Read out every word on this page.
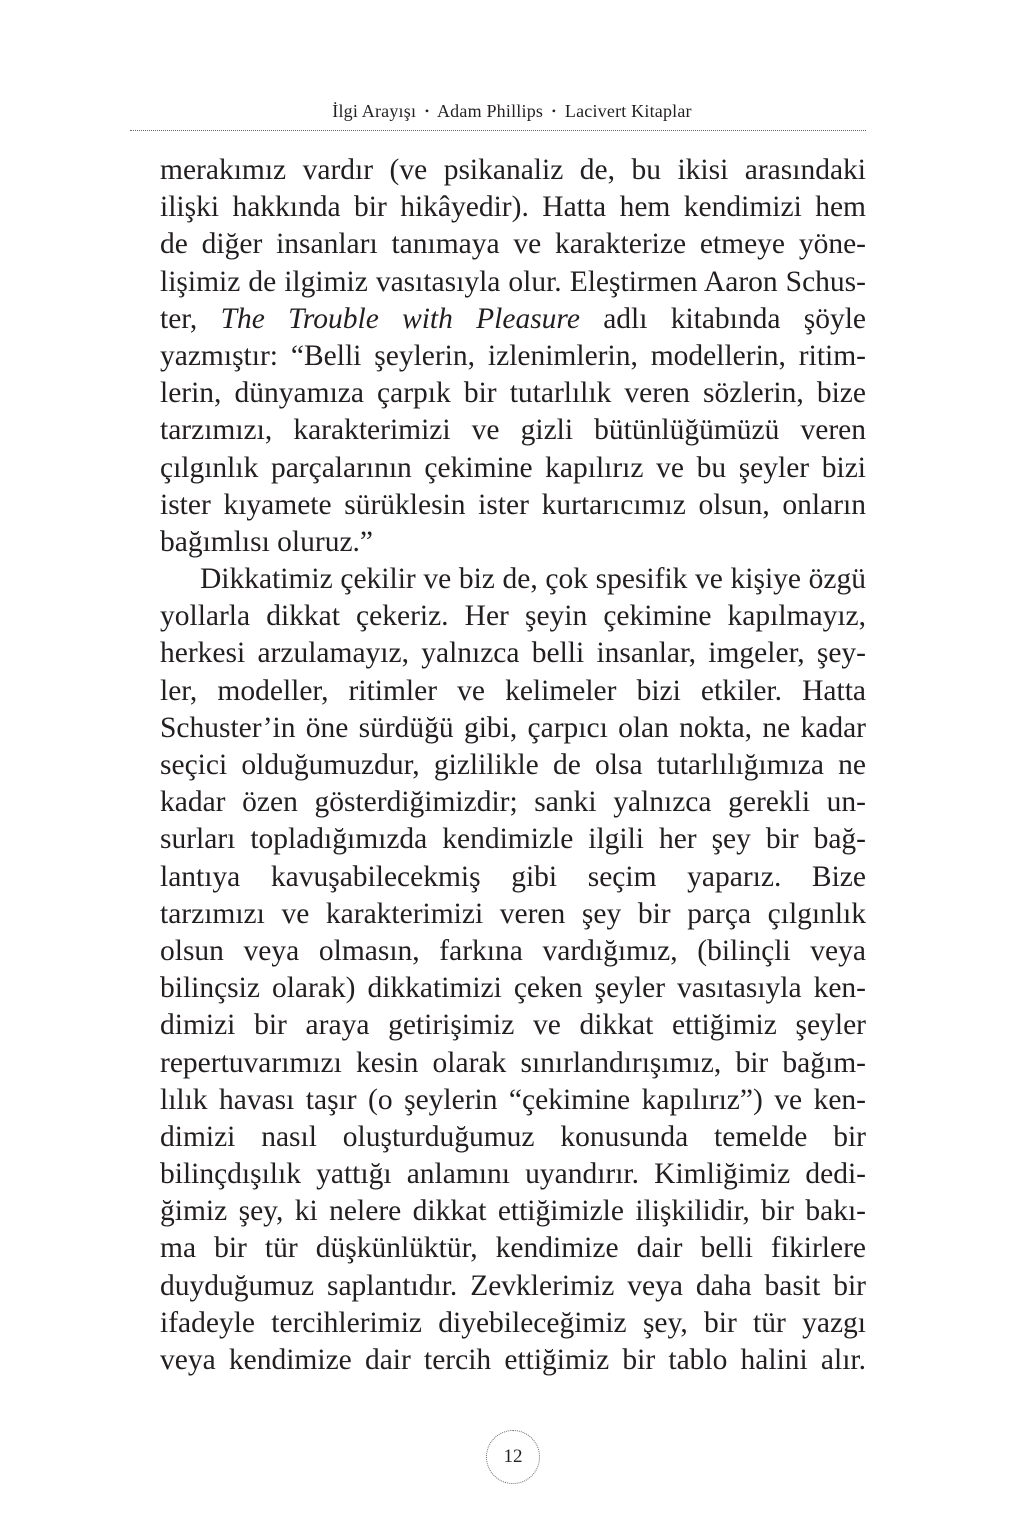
İlgi Arayışı • Adam Phillips • Lacivert Kitaplar
merakımız vardır (ve psikanaliz de, bu ikisi arasındaki
ilişki hakkında bir hikâyedir). Hatta hem kendimizi hem
de diğer insanları tanımaya ve karakterize etmeye yöne-
lişimiz de ilgimiz vasıtasıyla olur. Eleştirmen Aaron Schus-
ter, The Trouble with Pleasure adlı kitabında şöyle
yazmıştır: “Belli şeylerin, izlenimlerin, modellerin, ritim-
lerin, dünyamıza çarpık bir tutarlılık veren sözlerin, bize
tarzımızı, karakterimizi ve gizli bütünlüğümüzü veren
çılgınlık parçalarının çekimine kapılırız ve bu şeyler bizi
ister kıyamete sürüklesin ister kurtarıcımız olsun, onların
bağımlısı oluruz.”
Dikkatimiz çekilir ve biz de, çok spesifik ve kişiye özgü
yollarla dikkat çekeriz. Her şeyin çekimine kapılmayız,
herkesi arzulamayız, yalnızca belli insanlar, imgeler, şey-
ler, modeller, ritimler ve kelimeler bizi etkiler. Hatta
Schuster’in öne sürdüğü gibi, çarpıcı olan nokta, ne kadar
seçici olduğumuzdur, gizlilikle de olsa tutarlılığımıza ne
kadar özen gösterdiğimizdir; sanki yalnızca gerekli un-
surları topladığımızda kendimizle ilgili her şey bir bağ-
lantıya kavuşabilecekmiş gibi seçim yaparız. Bize
tarzımızı ve karakterimizi veren şey bir parça çılgınlık
olsun veya olmasın, farkına vardığımız, (bilinçli veya
bilinçsiz olarak) dikkatimizi çeken şeyler vasıtasıyla ken-
dimizi bir araya getirişimiz ve dikkat ettiğimiz şeyler
repertuvarımızı kesin olarak sınırlandırışımız, bir bağım-
lılık havası taşır (o şeylerin “çekimine kapılırız”) ve ken-
dimizi nasıl oluşturduğumuz konusunda temelde bir
bilinçdışılık yattığı anlamını uyandırır. Kimliğimiz dedi-
ğimiz şey, ki nelere dikkat ettiğimizle ilişkilidir, bir bakı-
ma bir tür düşkünlüktür, kendimize dair belli fikirlere
duyduğumuz saplantıdır. Zevklerimiz veya daha basit bir
ifadeyle tercihlerimiz diyebileceğimiz şey, bir tür yazgı
veya kendimize dair tercih ettiğimiz bir tablo halini alır.
12
